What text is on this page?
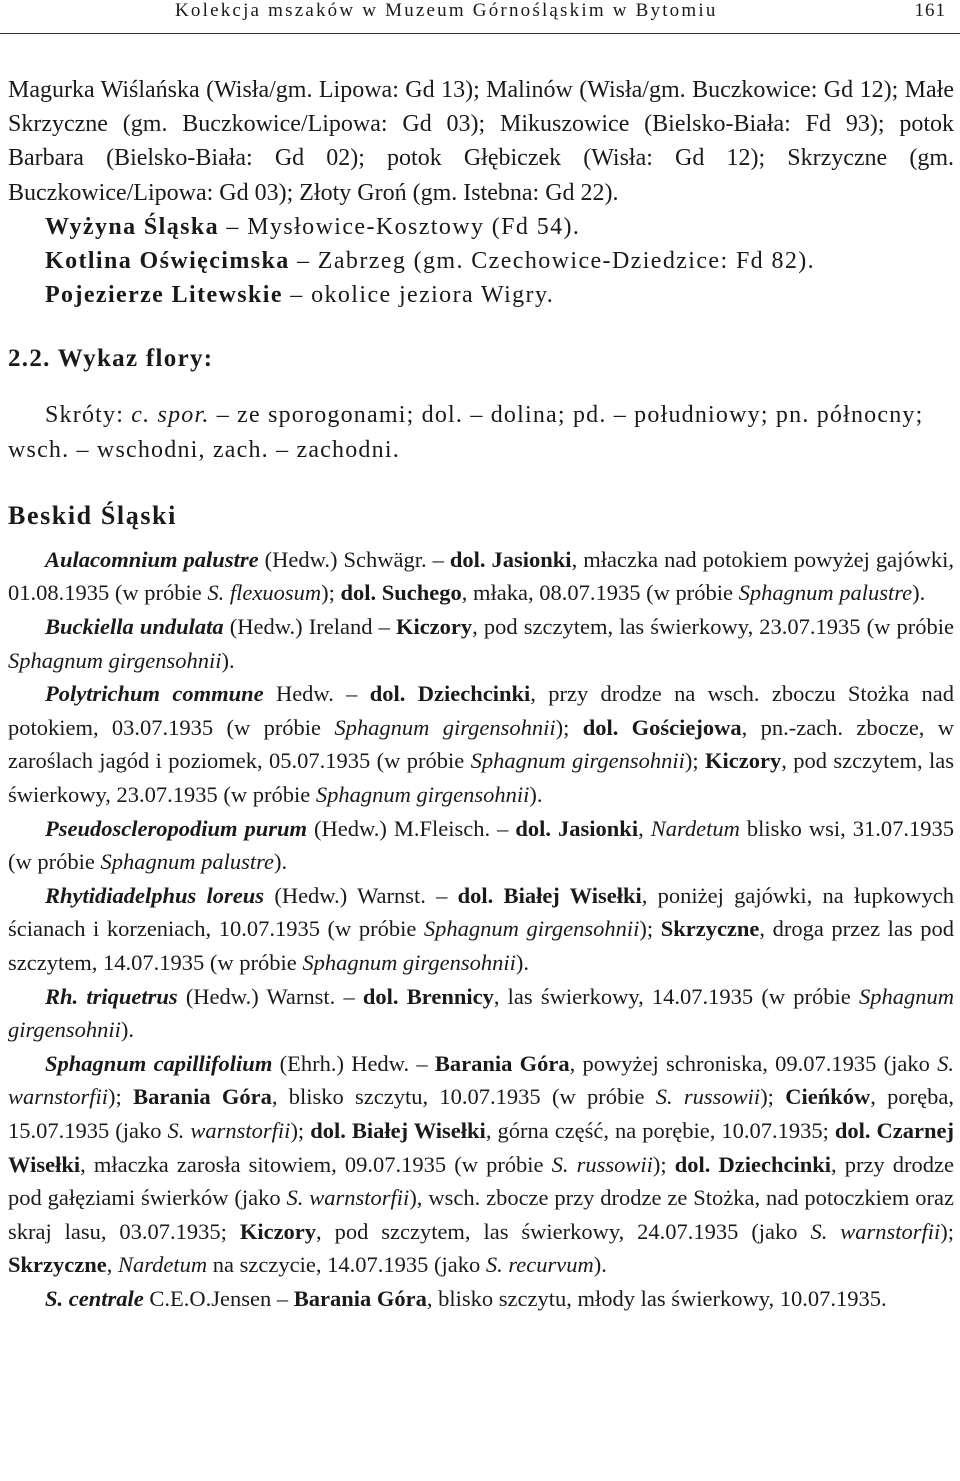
Kolekcja mszaków w Muzeum Górnośląskim w Bytomiu	161

Magurka Wiślańska (Wisła/gm. Lipowa: Gd 13); Malinów (Wisła/gm. Buczkowice: Gd 12); Małe Skrzyczne (gm. Buczkowice/Lipowa: Gd 03); Mikuszowice (Bielsko-Biała: Fd 93); potok Barbara (Bielsko-Biała: Gd 02); potok Głębiczek (Wisła: Gd 12); Skrzyczne (gm. Buczkowice/Lipowa: Gd 03); Złoty Groń (gm. Istebna: Gd 22).

Wyżyna Śląska – Mysłowice-Kosztowy (Fd 54).

Kotlina Oświęcimska – Zabrzeg (gm. Czechowice-Dziedzice: Fd 82).

Pojezierze Litewskie – okolice jeziora Wigry.

2.2. Wykaz flory:

Skróty: c. spor. – ze sporogonami; dol. – dolina; pd. – południowy; pn. północny; wsch. – wschodni, zach. – zachodni.

Beskid Śląski

Aulacomnium palustre (Hedw.) Schwägr. – dol. Jasionki, młaczka nad potokiem powyżej gajówki, 01.08.1935 (w próbie S. flexuosum); dol. Suchego, młaka, 08.07.1935 (w próbie Sphagnum palustre).

Buckiella undulata (Hedw.) Ireland – Kiczory, pod szczytem, las świerkowy, 23.07.1935 (w próbie Sphagnum girgensohnii).

Polytrichum commune Hedw. – dol. Dziechcinki, przy drodze na wsch. zboczu Stożka nad potokiem, 03.07.1935 (w próbie Sphagnum girgensohnii); dol. Gościejowa, pn.-zach. zbocze, w zaroślach jagód i poziomek, 05.07.1935 (w próbie Sphagnum girgensohnii); Kiczory, pod szczytem, las świerkowy, 23.07.1935 (w próbie Sphagnum girgensohnii).

Pseudoscleropodium purum (Hedw.) M.Fleisch. – dol. Jasionki, Nardetum blisko wsi, 31.07.1935 (w próbie Sphagnum palustre).

Rhytidiadelphus loreus (Hedw.) Warnst. – dol. Białej Wisełki, poniżej gajówki, na łupkowych ścianach i korzeniach, 10.07.1935 (w próbie Sphagnum girgensohnii); Skrzyczne, droga przez las pod szczytem, 14.07.1935 (w próbie Sphagnum girgensohnii).

Rh. triquetrus (Hedw.) Warnst. – dol. Brennicy, las świerkowy, 14.07.1935 (w próbie Sphagnum girgensohnii).

Sphagnum capillifolium (Ehrh.) Hedw. – Barania Góra, powyżej schroniska, 09.07.1935 (jako S. warnstorfii); Barania Góra, blisko szczytu, 10.07.1935 (w próbie S. russowii); Cieńków, poręba, 15.07.1935 (jako S. warnstorfii); dol. Białej Wisełki, górna część, na porębie, 10.07.1935; dol. Czarnej Wisełki, młaczka zarosła sitowiem, 09.07.1935 (w próbie S. russowii); dol. Dziechcinki, przy drodze pod gałęziami świerków (jako S. warnstorfii), wsch. zbocze przy drodze ze Stożka, nad potoczkiem oraz skraj lasu, 03.07.1935; Kiczory, pod szczytem, las świerkowy, 24.07.1935 (jako S. warnstorfii); Skrzyczne, Nardetum na szczycie, 14.07.1935 (jako S. recurvum).

S. centrale C.E.O.Jensen – Barania Góra, blisko szczytu, młody las świerkowy, 10.07.1935.
